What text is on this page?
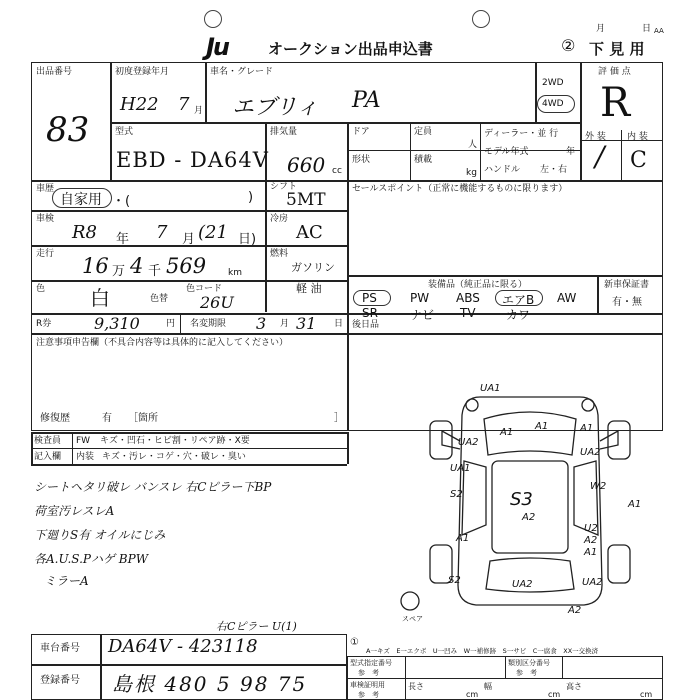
Ju	オークション出品申込書
月	日 AA
② 下 見 用
出品番号
83
初度登録年月
H22 7 月
車名・グレード
エブリィ PA
2WD
4WD
評 価 点
R
外 装 内 装
/ C
型式
EBD - DA64V
排気量
660 cc
ドア	定員
人
形状	積載
kg
ディーラー・並 行
モデル年式	年
ハンドル 左・右
車歴
自家用 ・(	)
シフト
5MT
セールスポイント（正常に機能するものに限ります）
車検
R8 年 7 月 (21 日)
冷房
AC
走行 16 万 4 千 569 km
燃料
ガソリン
軽 油
色 白	色替
色コード
26U
装備品（純正品に限る）	新車保証書
有・無
PS	PW ABS エアB AW
SR	ナビ TV	カワ
R券	9,310	円 名変期限 3 月 31 日 後日品
注意事項申告欄（不具合内容等は具体的に記入してください）
修復歴	有 ［箇所	］
検査員
記入欄
FW キズ・凹石・ヒビ割・リペア跡・X要
内装 キズ・汚レ・コゲ・穴・破レ・臭い
シートヘタリ破レ バンスレ 右Cピラー下BP
荷室汚レスレA
下廻りS有 オイルにじみ
各A.U.S.Pハゲ BPW
ミラーA
UA1
A1
A1	A1
UA2
UA2
UA1
S2	S3
A2
W2
A1
U2
A2
A1
S2	UA2	UA2
A2
A1
スペア
右Cピラー U(1)
車台番号 DA64V - 423118
登録番号 島根 480 5 98 75
①
A一キズ　E一エクボ　U一凹み　W一補修跡　S一サビ　C一腐食　XX一交換済
型式指定番号
参　考
類別区分番号
参　考
車検証明用
参　考
長さ
cm
幅
cm
高さ
cm
